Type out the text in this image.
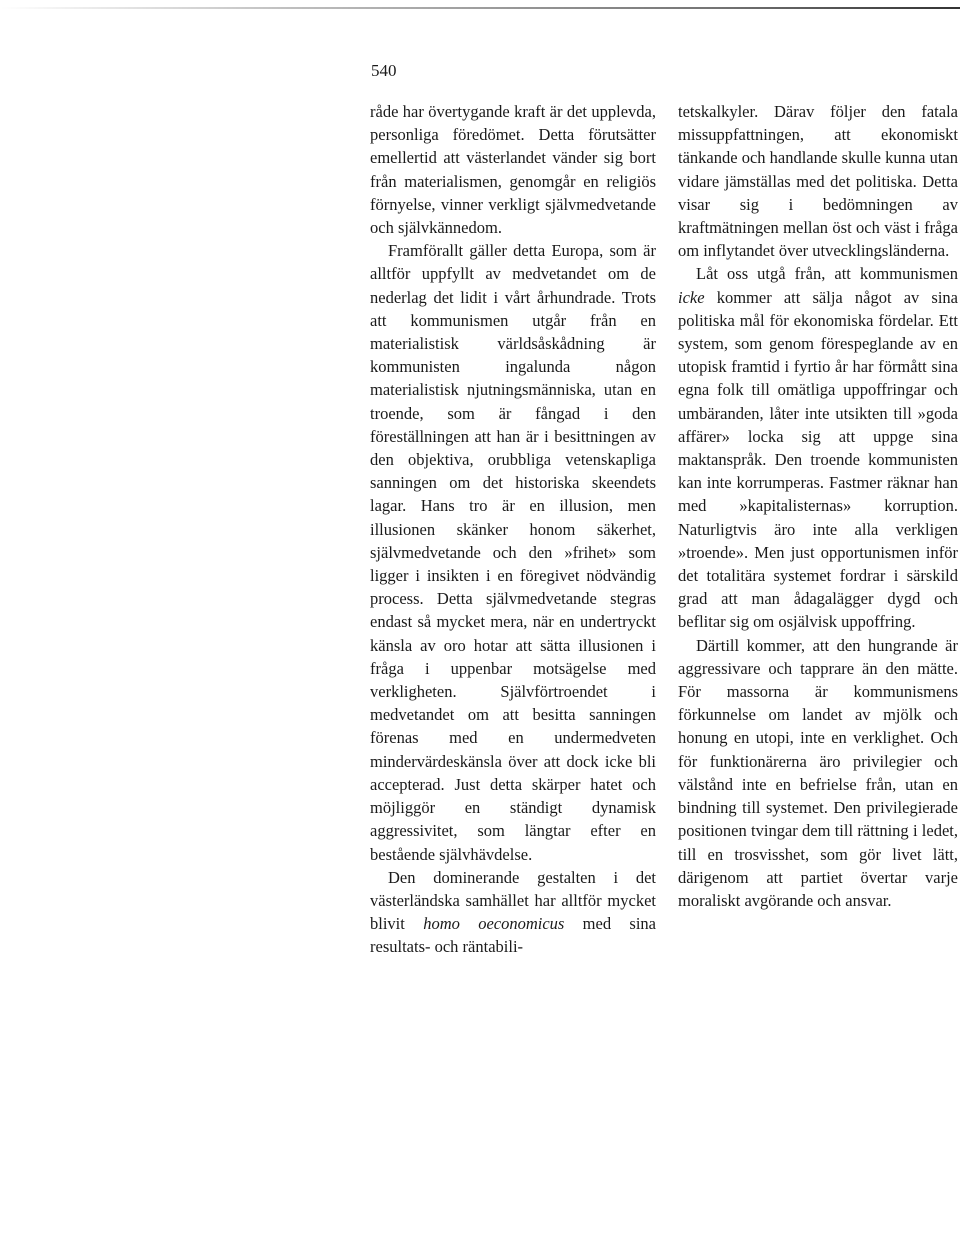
540

råde har övertygande kraft är det upplevda, personliga föredömet. Detta förutsätter emellertid att västerlandet vänder sig bort från materialismen, genomgår en religiös förnyelse, vinner verkligt självmedvetande och självkännedom.

Framförallt gäller detta Europa, som är alltför uppfyllt av medvetandet om de nederlag det lidit i vårt århundrade. Trots att kommunismen utgår från en materialistisk världsåskådning är kommunisten ingalunda någon materialistisk njutningsmänniska, utan en troende, som är fångad i den föreställningen att han är i besittningen av den objektiva, orubbliga vetenskapliga sanningen om det historiska skeendets lagar. Hans tro är en illusion, men illusionen skänker honom säkerhet, självmedvetande och den »frihet» som ligger i insikten i en föregivet nödvändig process. Detta självmedvetande stegras endast så mycket mera, när en undertryckt känsla av oro hotar att sätta illusionen i fråga i uppenbar motsägelse med verkligheten. Självförtroendet i medvetandet om att besitta sanningen förenas med en undermedveten mindervärdeskänsla över att dock icke bli accepterad. Just detta skärper hatet och möjliggör en ständigt dynamisk aggressivitet, som längtar efter en bestående självhävdelse.

Den dominerande gestalten i det västerländska samhället har alltför mycket blivit homo oeconomicus med sina resultats- och räntabili-

tetskalkyler. Därav följer den fatala missuppfattningen, att ekonomiskt tänkande och handlande skulle kunna utan vidare jämställas med det politiska. Detta visar sig i bedömningen av kraftmätningen mellan öst och väst i fråga om inflytandet över utvecklingsländerna.

Låt oss utgå från, att kommunismen icke kommer att sälja något av sina politiska mål för ekonomiska fördelar. Ett system, som genom förespeglande av en utopisk framtid i fyrtio år har förmått sina egna folk till omätliga uppoffringar och umbäranden, låter inte utsikten till »goda affärer» locka sig att uppge sina maktanspråk. Den troende kommunisten kan inte korrumperas. Fastmer räknar han med »kapitalisternas» korruption. Naturligtvis äro inte alla verkligen »troende». Men just opportunismen inför det totalitära systemet fordrar i särskild grad att man ådagalägger dygd och beflitar sig om osjälvisk uppoffring.

Därtill kommer, att den hungrande är aggressivare och tapprare än den mätte. För massorna är kommunismens förkunnelse om landet av mjölk och honung en utopi, inte en verklighet. Och för funktionärerna äro privilegier och välstånd inte en befrielse från, utan en bindning till systemet. Den privilegierade positionen tvingar dem till rättning i ledet, till en trosvisshet, som gör livet lätt, därigenom att partiet övertar varje moraliskt avgörande och ansvar.
